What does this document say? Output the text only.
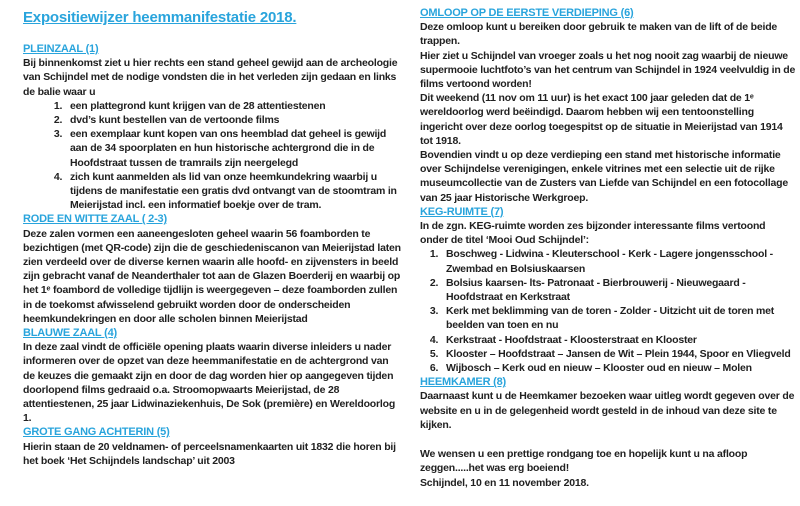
Expositiewijzer heemmanifestatie 2018.
PLEINZAAL (1)

Bij binnenkomst ziet u hier rechts een stand geheel gewijd aan de archeologie van Schijndel met de nodige vondsten die in het verleden zijn gedaan en links de balie waar u

1. een plattegrond kunt krijgen van de 28 attentiestenen
2. dvd’s kunt bestellen van de vertoonde films
3. een exemplaar kunt kopen van ons heemblad dat geheel is gewijd aan de 34 spoorplaten en hun historische achtergrond die in de Hoofdstraat tussen de tramrails zijn neergelegd
4. zich kunt aanmelden als lid van onze heemkundekring waarbij u tijdens de manifestatie een gratis dvd ontvangt van de stoomtram in Meierijstad incl. een informatief boekje over de tram.
RODE EN WITTE ZAAL ( 2-3)

Deze zalen vormen een aaneengesloten geheel waarin 56 foamborden te bezichtigen (met QR-code) zijn die de geschiedeniscanon van Meierijstad laten zien verdeeld over de diverse kernen waarin alle hoofd- en zijvensters in beeld zijn gebracht vanaf de Neanderthaler tot aan de Glazen Boerderij en waarbij op het 1ᵉ foambord de volledige tijdlijn is weergegeven – deze foamborden zullen in de toekomst afwisselend gebruikt worden door de onderscheiden heemkundekringen en door alle scholen binnen Meierijstad

BLAUWE ZAAL (4)

In deze zaal vindt de officiële opening plaats waarin diverse inleiders u nader informeren over de opzet van deze heemmanifestatie en de achtergrond van de keuzes die gemaakt zijn en door de dag worden hier op aangegeven tijden doorlopend films gedraaid o.a. Stroomopwaarts Meierijstad, de 28 attentiestenen, 25 jaar Lidwinaziekenhuis, De Sok (première) en Wereldoorlog 1.

GROTE GANG ACHTERIN (5)

Hierin staan de 20 veldnamen- of perceelsnamenkaarten uit 1832 die horen bij het boek ‘Het Schijndels landschap’ uit 2003

OMLOOP OP DE EERSTE VERDIEPING (6)

Deze omloop kunt u bereiken door gebruik te maken van de lift of de beide trappen.

Hier ziet u Schijndel van vroeger zoals u het nog nooit zag waarbij de nieuwe supermooie luchtfoto’s van het centrum van Schijndel in 1924 veelvuldig in de films vertoond worden!

Dit weekend (11 nov om 11 uur) is het exact 100 jaar geleden dat de 1ᵉ wereldoorlog werd beëindigd. Daarom hebben wij een tentoonstelling ingericht over deze oorlog toegespitst op de situatie in Meierijstad van 1914 tot 1918.

Bovendien vindt u op deze verdieping een stand met historische informatie over Schijndelse verenigingen, enkele vitrines met een selectie uit de rijke museumcollectie van de Zusters van Liefde van Schijndel en een fotocollage van 25 jaar Historische Werkgroep.

KEG-RUIMTE (7)

In de zgn. KEG-ruimte worden zes bijzonder interessante films vertoond onder de titel ‘Mooi Oud Schijndel’:

1. Boschweg - Lidwina - Kleuterschool - Kerk - Lagere jongensschool - Zwembad en Bolsiuskaarsen
2. Bolsius kaarsen- lts- Patronaat - Bierbrouwerij - Nieuwegaard - Hoofdstraat en Kerkstraat
3. Kerk met beklimming van de toren - Zolder - Uitzicht uit de toren met beelden van toen en nu
4. Kerkstraat - Hoofdstraat - Kloosterstraat en Klooster
5. Klooster – Hoofdstraat – Jansen de Wit – Plein 1944, Spoor en Vliegveld
6. Wijbosch – Kerk oud en nieuw – Klooster oud en nieuw – Molen
HEEMKAMER (8)

Daarnaast kunt u de Heemkamer bezoeken waar uitleg wordt gegeven over de website en u in de gelegenheid wordt gesteld in de inhoud van deze site te kijken.

We wensen u een prettige rondgang toe en hopelijk kunt u na afloop zeggen.....het was erg boeiend!

Schijndel, 10 en 11 november 2018.
